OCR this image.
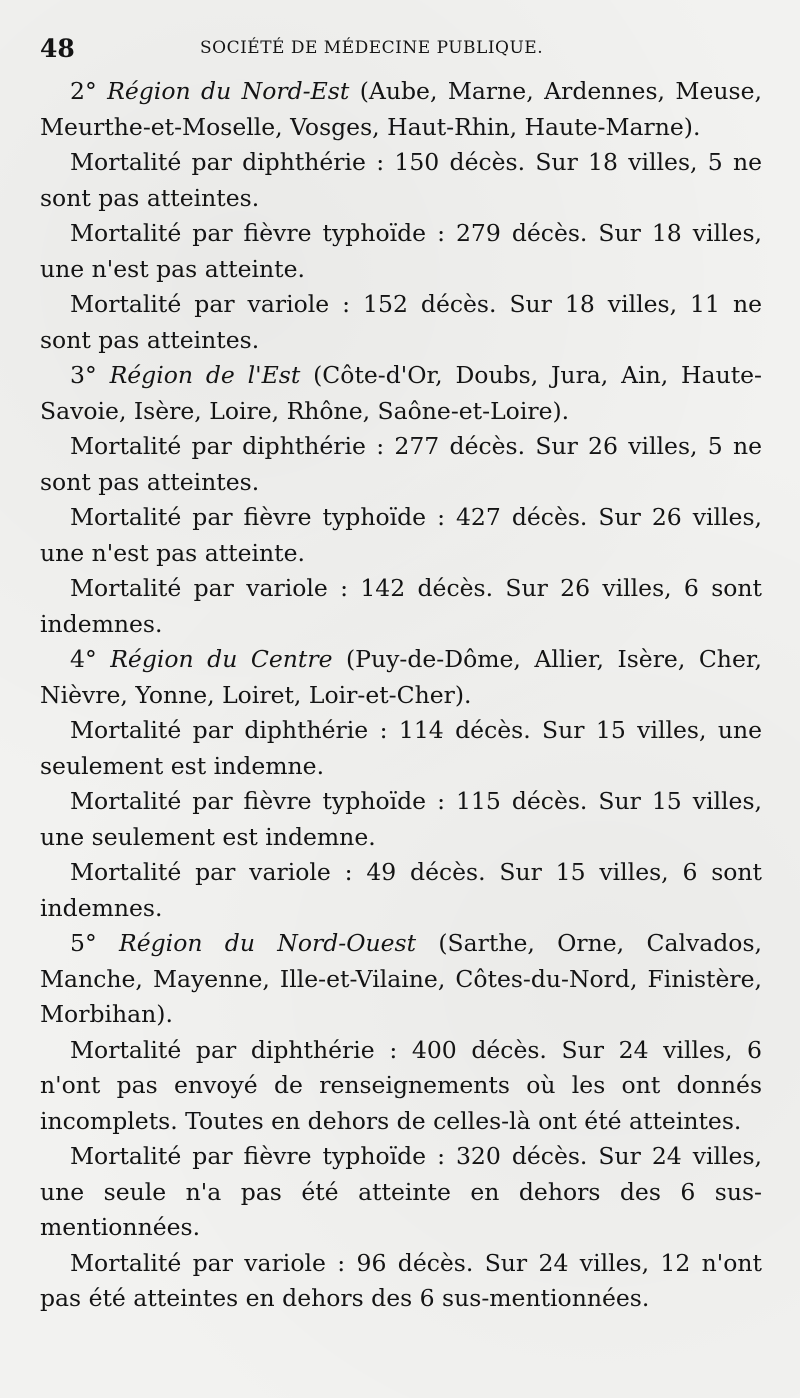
48	SOCIÉTÉ DE MÉDECINE PUBLIQUE.

2° Région du Nord-Est (Aube, Marne, Ardennes, Meuse, Meurthe-et-Moselle, Vosges, Haut-Rhin, Haute-Marne).

Mortalité par diphthérie : 150 décès. Sur 18 villes, 5 ne sont pas atteintes.

Mortalité par fièvre typhoïde : 279 décès. Sur 18 villes, une n'est pas atteinte.

Mortalité par variole : 152 décès. Sur 18 villes, 11 ne sont pas atteintes.

3° Région de l'Est (Côte-d'Or, Doubs, Jura, Ain, Haute-Savoie, Isère, Loire, Rhône, Saône-et-Loire).

Mortalité par diphthérie : 277 décès. Sur 26 villes, 5 ne sont pas atteintes.

Mortalité par fièvre typhoïde : 427 décès. Sur 26 villes, une n'est pas atteinte.

Mortalité par variole : 142 décès. Sur 26 villes, 6 sont indemnes.

4° Région du Centre (Puy-de-Dôme, Allier, Isère, Cher, Nièvre, Yonne, Loiret, Loir-et-Cher).

Mortalité par diphthérie : 114 décès. Sur 15 villes, une seulement est indemne.

Mortalité par fièvre typhoïde : 115 décès. Sur 15 villes, une seulement est indemne.

Mortalité par variole : 49 décès. Sur 15 villes, 6 sont indemnes.

5° Région du Nord-Ouest (Sarthe, Orne, Calvados, Manche, Mayenne, Ille-et-Vilaine, Côtes-du-Nord, Finistère, Morbihan).

Mortalité par diphthérie : 400 décès. Sur 24 villes, 6 n'ont pas envoyé de renseignements où les ont donnés incomplets. Toutes en dehors de celles-là ont été atteintes.

Mortalité par fièvre typhoïde : 320 décès. Sur 24 villes, une seule n'a pas été atteinte en dehors des 6 sus-mentionnées.

Mortalité par variole : 96 décès. Sur 24 villes, 12 n'ont pas été atteintes en dehors des 6 sus-mentionnées.
